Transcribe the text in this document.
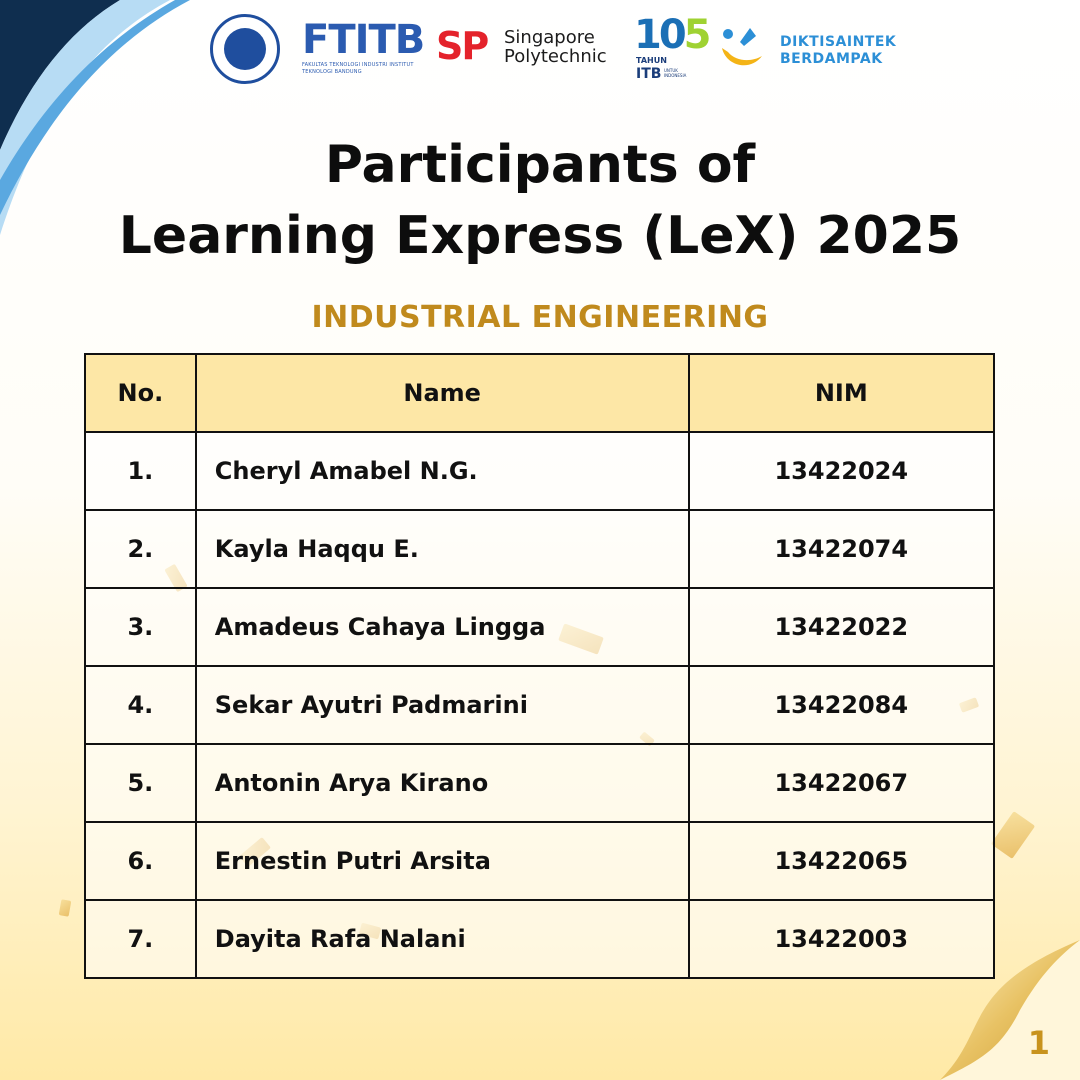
FTITB
FAKULTAS TEKNOLOGI INDUSTRI INSTITUT TEKNOLOGI BANDUNG
SP Singapore
Polytechnic 105
TAHUN
ITB UNTUK INDONESIA
DIKTISAINTEK
BERDAMPAK
Participants of
Learning Express (LeX) 2025
INDUSTRIAL ENGINEERING
No.	Name	NIM
1.	Cheryl Amabel N.G.	13422024
2.	Kayla Haqqu E.	13422074
3.	Amadeus Cahaya Lingga	13422022
4.	Sekar Ayutri Padmarini	13422084
5.	Antonin Arya Kirano	13422067
6.	Ernestin Putri Arsita	13422065
7.	Dayita Rafa Nalani	13422003
1
